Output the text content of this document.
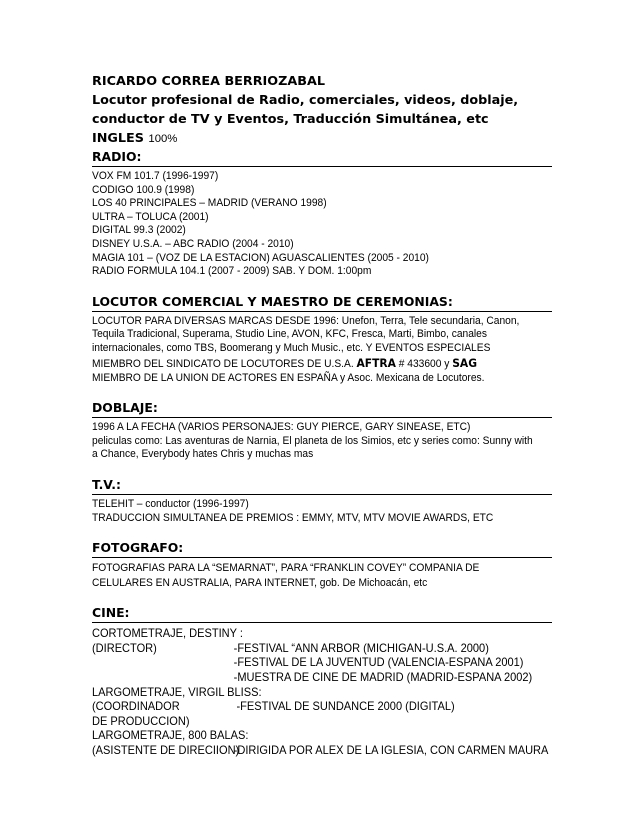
RICARDO CORREA BERRIOZABAL
Locutor profesional de Radio, comerciales, videos, doblaje,
conductor de TV y Eventos, Traducción Simultánea, etc
INGLES 100%
RADIO:
VOX FM 101.7 (1996-1997)
CODIGO 100.9 (1998)
LOS 40 PRINCIPALES – MADRID (VERANO 1998)
ULTRA – TOLUCA (2001)
DIGITAL 99.3 (2002)
DISNEY U.S.A. – ABC RADIO (2004 - 2010)
MAGIA 101 – (VOZ DE LA ESTACION) AGUASCALIENTES (2005 - 2010)
RADIO FORMULA 104.1 (2007 - 2009) SAB. Y DOM. 1:00pm
LOCUTOR COMERCIAL Y MAESTRO DE CEREMONIAS:
LOCUTOR PARA DIVERSAS MARCAS DESDE 1996: Unefon, Terra, Tele secundaria, Canon,
Tequila Tradicional, Superama, Studio Line, AVON, KFC, Fresca, Marti, Bimbo, canales
internacionales, como TBS, Boomerang y Much Music., etc. Y EVENTOS ESPECIALES
MIEMBRO DEL SINDICATO DE LOCUTORES DE U.S.A. AFTRA # 433600 y SAG
MIEMBRO DE LA UNION DE ACTORES EN ESPAÑA y Asoc. Mexicana de Locutores.
DOBLAJE:
1996 A LA FECHA (VARIOS PERSONAJES: GUY PIERCE, GARY SINEASE, ETC)
peliculas como: Las aventuras de Narnia, El planeta de los Simios, etc y series como: Sunny with
a Chance, Everybody hates Chris y muchas mas
T.V.:
TELEHIT – conductor (1996-1997)
TRADUCCION SIMULTANEA DE PREMIOS : EMMY, MTV, MTV MOVIE AWARDS, ETC
FOTOGRAFO:
FOTOGRAFIAS PARA LA “SEMARNAT”, PARA “FRANKLIN COVEY” COMPANIA DE
CELULARES EN AUSTRALIA, PARA INTERNET, gob. De Michoacán, etc
CINE:
CORTOMETRAJE, DESTINY :
(DIRECTOR)	-FESTIVAL “ANN ARBOR (MICHIGAN-U.S.A. 2000)
-FESTIVAL DE LA JUVENTUD (VALENCIA-ESPANA 2001)
-MUESTRA DE CINE DE MADRID (MADRID-ESPANA 2002)
LARGOMETRAJE, VIRGIL BLISS:
(COORDINADOR	-FESTIVAL DE SUNDANCE 2000 (DIGITAL)
DE PRODUCCION)
LARGOMETRAJE, 800 BALAS:
(ASISTENTE DE DIRECIION)
-DIRIGIDA POR ALEX DE LA IGLESIA, CON CARMEN MAURA
